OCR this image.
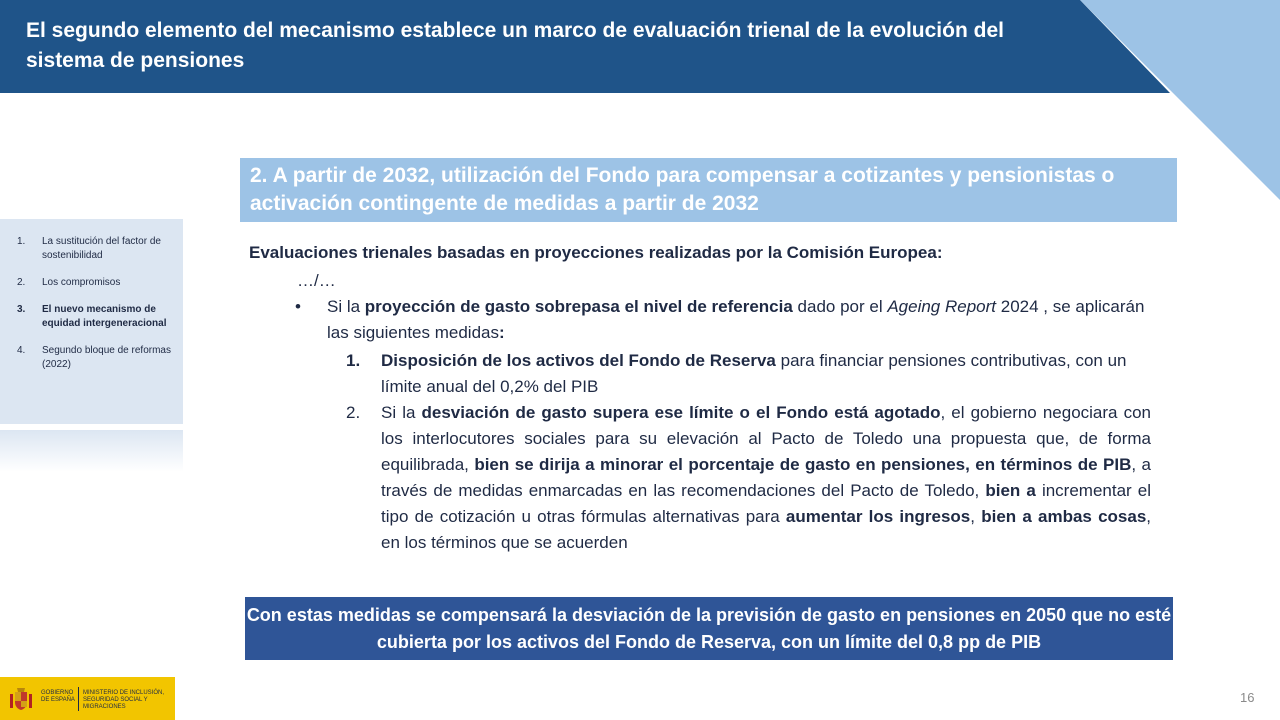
El segundo elemento del mecanismo establece un marco de evaluación trienal de la evolución del sistema de pensiones
1.	La sustitución del factor de sostenibilidad
2.	Los compromisos
3.	El nuevo mecanismo de equidad intergeneracional
4.	Segundo bloque de reformas (2022)
2. A partir de 2032, utilización del Fondo para compensar a cotizantes y pensionistas o activación contingente de medidas a partir de 2032
Evaluaciones trienales basadas en proyecciones realizadas por la Comisión Europea:
…/…
• Si la proyección de gasto sobrepasa el nivel de referencia dado por el Ageing Report 2024 , se aplicarán las siguientes medidas:
1. Disposición de los activos del Fondo de Reserva para financiar pensiones contributivas, con un límite anual del 0,2% del PIB
2. Si la desviación de gasto supera ese límite o el Fondo está agotado, el gobierno negociara con los interlocutores sociales para su elevación al Pacto de Toledo una propuesta que, de forma equilibrada, bien se dirija a minorar el porcentaje de gasto en pensiones, en términos de PIB, a través de medidas enmarcadas en las recomendaciones del Pacto de Toledo, bien a incrementar el tipo de cotización u otras fórmulas alternativas para aumentar los ingresos, bien a ambas cosas, en los términos que se acuerden
Con estas medidas se compensará la desviación de la previsión de gasto en pensiones en 2050 que no esté cubierta por los activos del Fondo de Reserva, con un límite del 0,8 pp de PIB
GOBIERNO DE ESPAÑA
MINISTERIO DE INCLUSIÓN, SEGURIDAD SOCIAL Y MIGRACIONES
16
